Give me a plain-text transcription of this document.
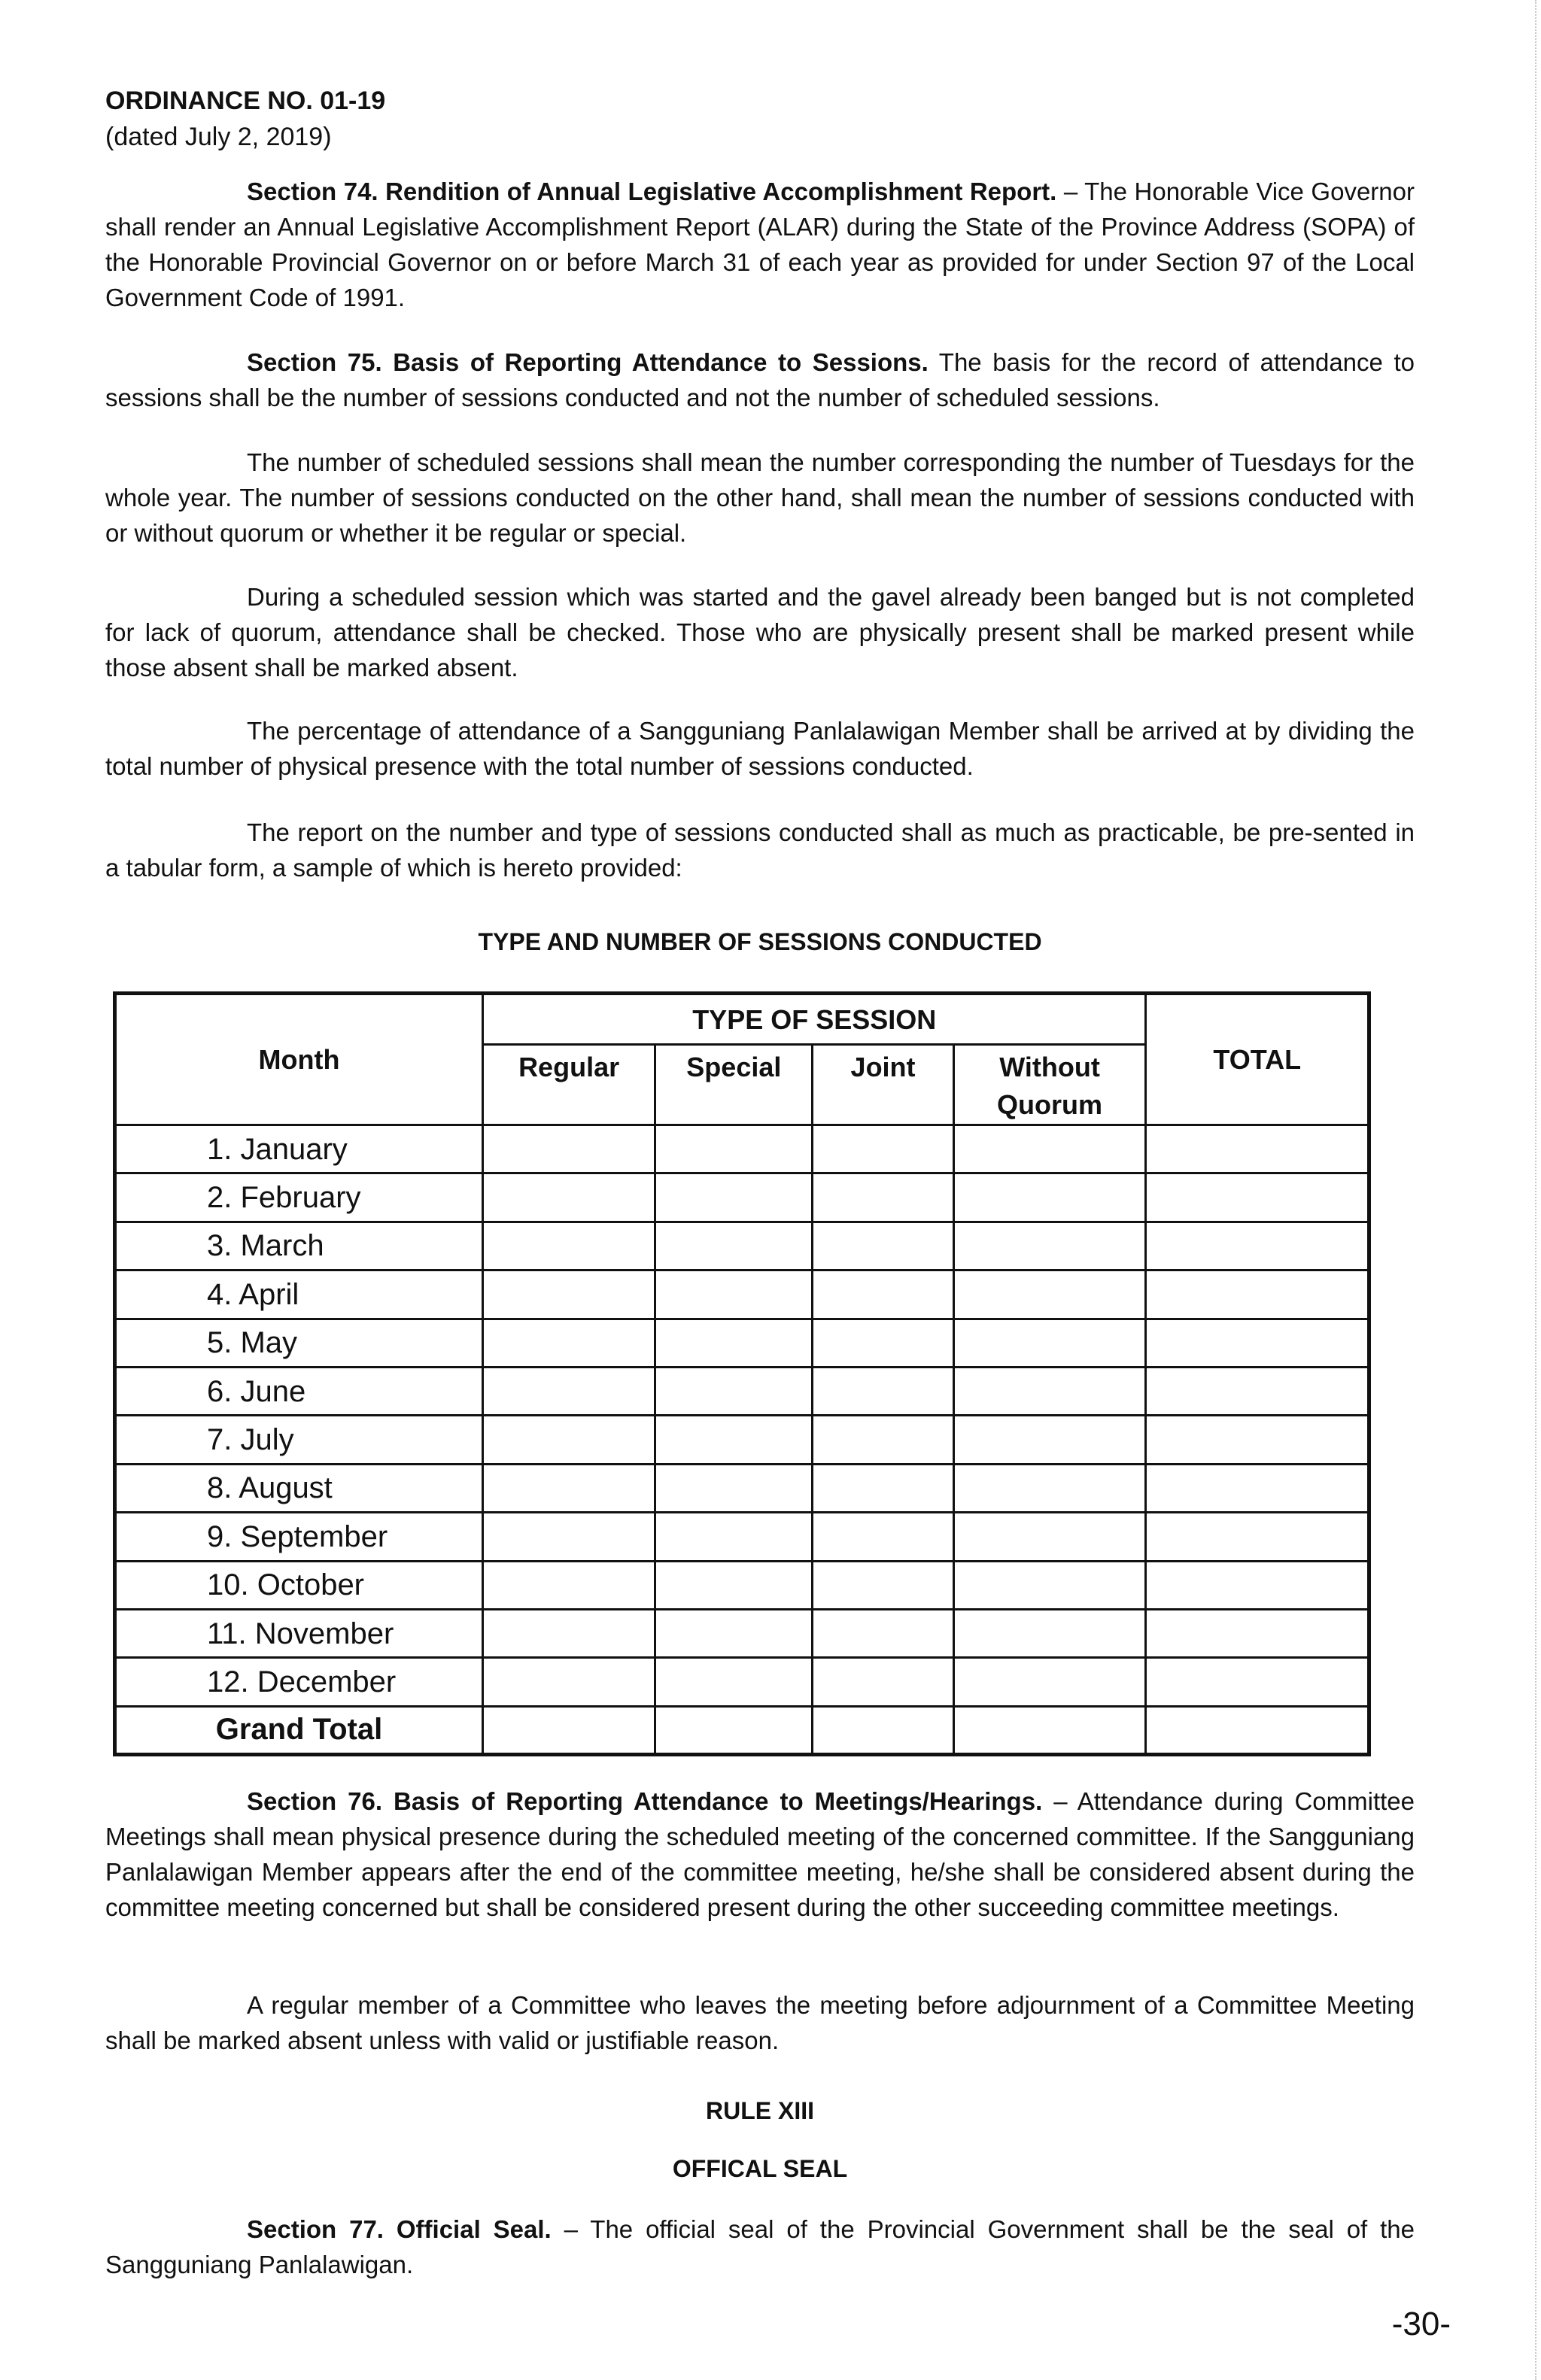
ORDINANCE NO. 01-19
(dated July 2, 2019)
Section 74. Rendition of Annual Legislative Accomplishment Report. – The Honorable Vice Governor shall render an Annual Legislative Accomplishment Report (ALAR) during the State of the Province Address (SOPA) of the Honorable Provincial Governor on or before March 31 of each year as provided for under Section 97 of the Local Government Code of 1991.
Section 75. Basis of Reporting Attendance to Sessions. The basis for the record of attendance to sessions shall be the number of sessions conducted and not the number of scheduled sessions.
The number of scheduled sessions shall mean the number corresponding the number of Tuesdays for the whole year. The number of sessions conducted on the other hand, shall mean the number of sessions conducted with or without quorum or whether it be regular or special.
During a scheduled session which was started and the gavel already been banged but is not completed for lack of quorum, attendance shall be checked. Those who are physically present shall be marked present while those absent shall be marked absent.
The percentage of attendance of a Sangguniang Panlalawigan Member shall be arrived at by dividing the total number of physical presence with the total number of sessions conducted.
The report on the number and type of sessions conducted shall as much as practicable, be pre-sented in a tabular form, a sample of which is hereto provided:
TYPE AND NUMBER OF SESSIONS CONDUCTED
Month	TYPE OF SESSION				TOTAL
	Regular	Special	Joint	Without Quorum	
1. January					
2. February					
3. March					
4. April					
5. May					
6. June					
7. July					
8. August					
9. September					
10. October					
11. November					
12. December					
Grand Total					
Section 76. Basis of Reporting Attendance to Meetings/Hearings. – Attendance during Committee Meetings shall mean physical presence during the scheduled meeting of the concerned committee. If the Sangguniang Panlalawigan Member appears after the end of the committee meeting, he/she shall be considered absent during the committee meeting concerned but shall be considered present during the other succeeding committee meetings.
A regular member of a Committee who leaves the meeting before adjournment of a Committee Meeting shall be marked absent unless with valid or justifiable reason.
RULE XIII
OFFICAL SEAL
Section 77. Official Seal. – The official seal of the Provincial Government shall be the seal of the Sangguniang Panlalawigan.
-30-
